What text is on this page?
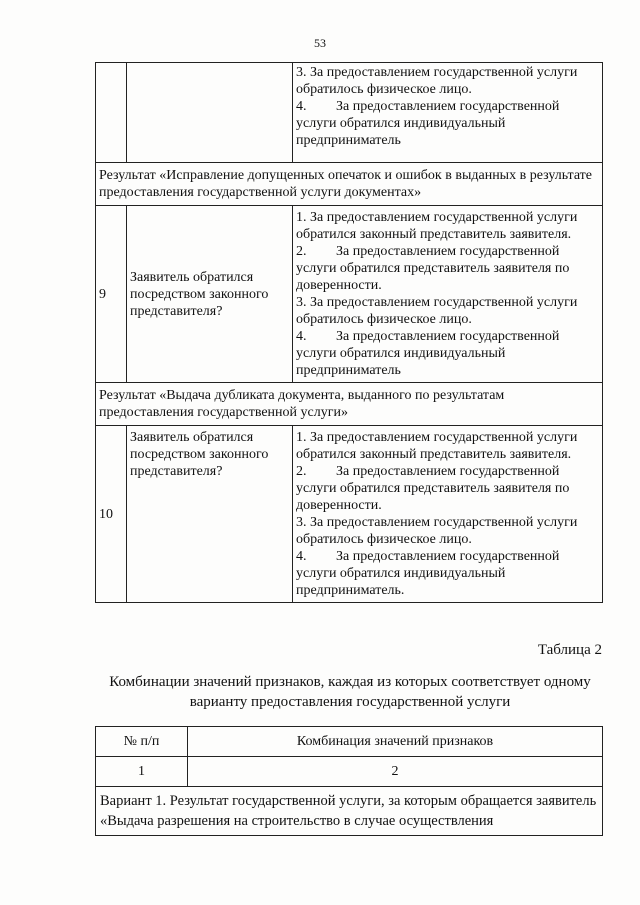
53

		3. За предоставлением государственной услуги обратилось физическое лицо.
4. За предоставлением государственной услуги обратился индивидуальный предприниматель

Результат «Исправление допущенных опечаток и ошибок в выданных в результате предоставления государственной услуги документах»		
9	Заявитель обратился посредством законного представителя?	1. За предоставлением государственной услуги обратился законный представитель заявителя.
2. За предоставлением государственной услуги обратился представитель заявителя по доверенности.
3. За предоставлением государственной услуги обратилось физическое лицо.
4. За предоставлением государственной услуги обратился индивидуальный предприниматель

Результат «Выдача дубликата документа, выданного по результатам предоставления государственной услуги»		
10	Заявитель обратился посредством законного представителя?	1. За предоставлением государственной услуги обратился законный представитель заявителя.
2. За предоставлением государственной услуги обратился представитель заявителя по доверенности.
3. За предоставлением государственной услуги обратилось физическое лицо.
4. За предоставлением государственной услуги обратился индивидуальный предприниматель.
Таблица 2
Комбинации значений признаков, каждая из которых соответствует одному варианту предоставления государственной услуги
№ п/п	Комбинация значений признаков
1	2
Вариант 1. Результат государственной услуги, за которым обращается заявитель «Выдача разрешения на строительство в случае осуществления	
